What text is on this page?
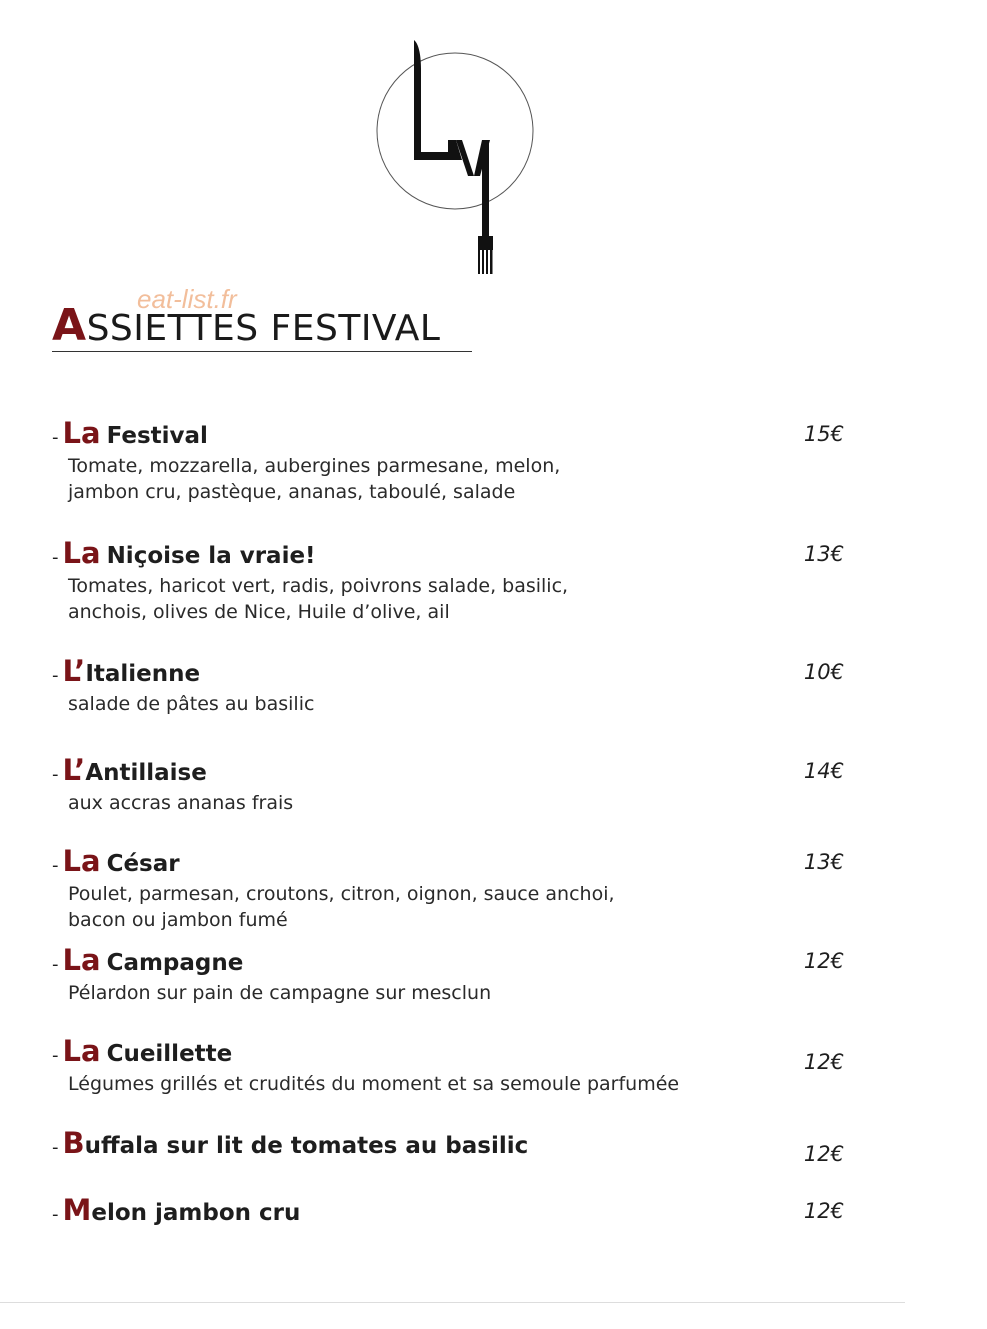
eat-list.fr
ASSIETTES FESTIVAL
- La Festival
Tomate, mozzarella, aubergines parmesane, melon,
jambon cru, pastèque, ananas, taboulé, salade
15€
- La Niçoise la vraie!
Tomates, haricot vert, radis, poivrons salade, basilic,
anchois, olives de Nice, Huile d’olive, ail
13€
- L’Italienne
salade de pâtes au basilic
10€
- L’Antillaise
aux accras ananas frais
14€
- La César
Poulet, parmesan, croutons, citron, oignon, sauce anchoi,
bacon ou jambon fumé
13€
- La Campagne
Pélardon sur pain de campagne sur mesclun
12€
- La Cueillette
Légumes grillés et crudités du moment et sa semoule parfumée
12€
- Buffala sur lit de tomates au basilic	12€
- Melon jambon cru	12€
